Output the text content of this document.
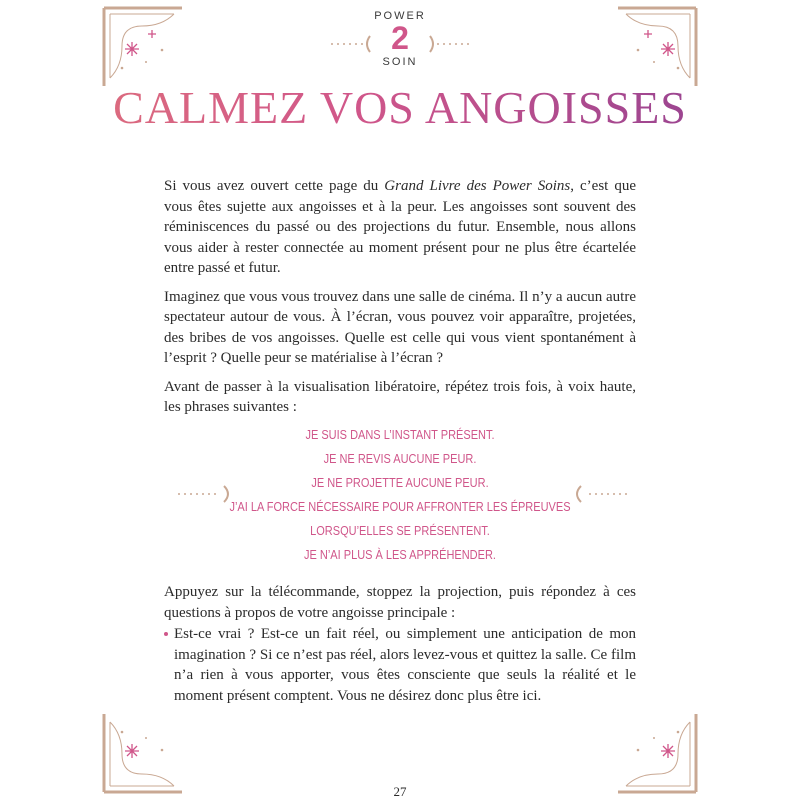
POWER
2
SOIN
CALMEZ VOS ANGOISSES

Si vous avez ouvert cette page du Grand Livre des Power Soins, c’est que vous êtes sujette aux angoisses et à la peur. Les angoisses sont souvent des réminiscences du passé ou des projections du futur. Ensemble, nous allons vous aider à rester connectée au moment présent pour ne plus être écartelée entre passé et futur.

Imaginez que vous vous trouvez dans une salle de cinéma. Il n’y a aucun autre spectateur autour de vous. À l’écran, vous pouvez voir apparaître, projetées, des bribes de vos angoisses. Quelle est celle qui vous vient spontanément à l’esprit ? Quelle peur se matérialise à l’écran ?

Avant de passer à la visualisation libératoire, répétez trois fois, à voix haute, les phrases suivantes :

JE SUIS DANS L’INSTANT PRÉSENT.
JE NE REVIS AUCUNE PEUR.
JE NE PROJETTE AUCUNE PEUR.
J’AI LA FORCE NÉCESSAIRE POUR AFFRONTER LES ÉPREUVES
LORSQU’ELLES SE PRÉSENTENT.
JE N’AI PLUS À LES APPRÉHENDER.

Appuyez sur la télécommande, stoppez la projection, puis répondez à ces questions à propos de votre angoisse principale :

Est-ce vrai ? Est-ce un fait réel, ou simplement une anticipation de mon imagination ? Si ce n’est pas réel, alors levez-vous et quittez la salle. Ce film n’a rien à vous apporter, vous êtes consciente que seuls la réalité et le moment présent comptent. Vous ne désirez donc plus être ici.
27
